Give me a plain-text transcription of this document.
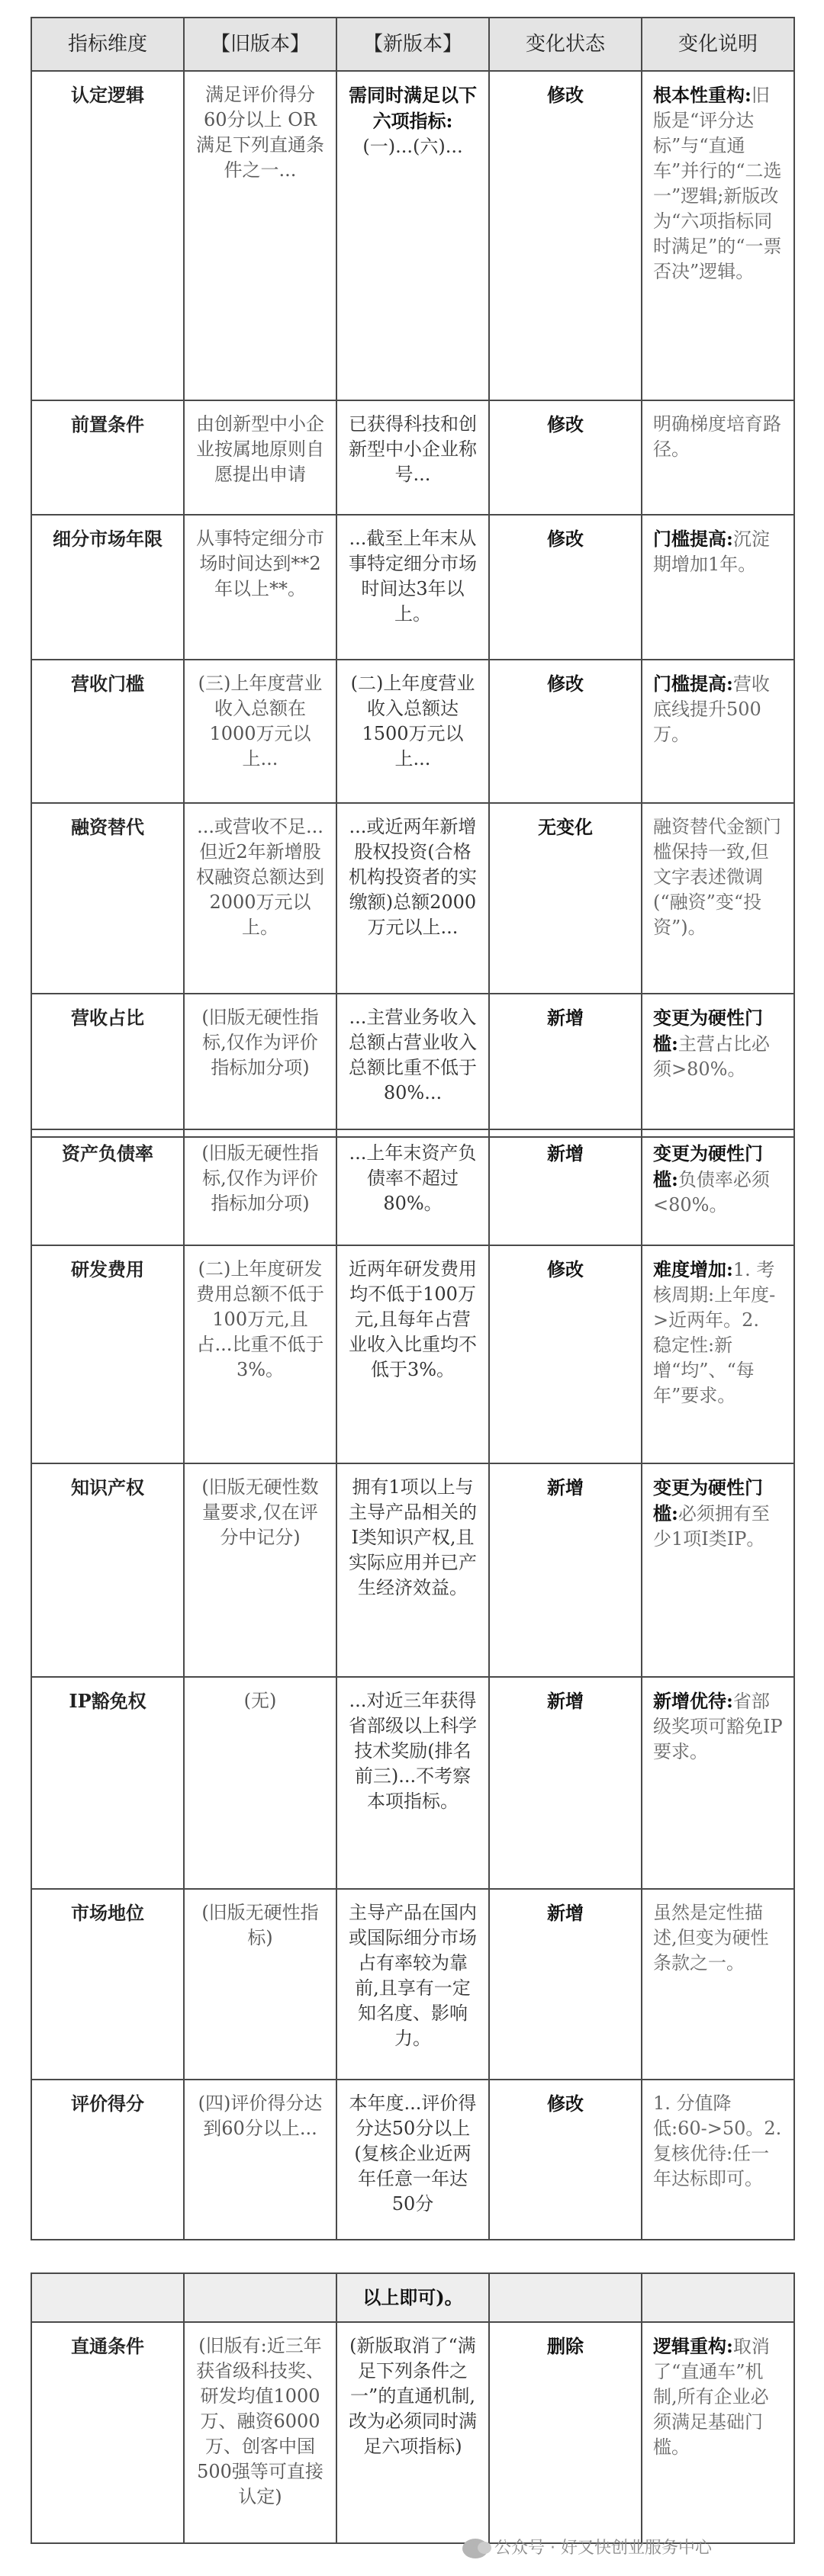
指标维度	【旧版本】	【新版本】	变化状态	变化说明
认定逻辑	满足评价得分60分以上 OR 满足下列直通条件之一...	需同时满足以下六项指标:(一)...(六)...	修改	根本性重构:旧版是“评分达标”与“直通车”并行的“二选一”逻辑;新版改为“六项指标同时满足”的“一票否决”逻辑。
前置条件	由创新型中小企业按属地原则自愿提出申请	已获得科技和创新型中小企业称号...	修改	明确梯度培育路径。
细分市场年限	从事特定细分市场时间达到**2年以上**。	...截至上年末从事特定细分市场时间达3年以上。	修改	门槛提高:沉淀期增加1年。
营收门槛	(三)上年度营业收入总额在1000万元以上...	(二)上年度营业收入总额达1500万元以上...	修改	门槛提高:营收底线提升500万。
融资替代	...或营收不足...但近2年新增股权融资总额达到2000万元以上。	...或近两年新增股权投资(合格机构投资者的实缴额)总额2000万元以上...	无变化	融资替代金额门槛保持一致,但文字表述微调(“融资”变“投资”)。
营收占比	(旧版无硬性指标,仅作为评价指标加分项)	...主营业务收入总额占营业收入总额比重不低于80%...	新增	变更为硬性门槛:主营占比必须>80%。
资产负债率	(旧版无硬性指标,仅作为评价指标加分项)	...上年末资产负债率不超过80%。	新增	变更为硬性门槛:负债率必须<80%。
研发费用	(二)上年度研发费用总额不低于100万元,且占...比重不低于3%。	近两年研发费用均不低于100万元,且每年占营业收入比重均不低于3%。	修改	难度增加:1. 考核周期:上年度->近两年。2. 稳定性:新增“均”、“每年”要求。
知识产权	(旧版无硬性数量要求,仅在评分中记分)	拥有1项以上与主导产品相关的I类知识产权,且实际应用并已产生经济效益。	新增	变更为硬性门槛:必须拥有至少1项I类IP。
IP豁免权	(无)	...对近三年获得省部级以上科学技术奖励(排名前三)...不考察本项指标。	新增	新增优待:省部级奖项可豁免IP要求。
市场地位	(旧版无硬性指标)	主导产品在国内或国际细分市场占有率较为靠前,且享有一定知名度、影响力。	新增	虽然是定性描述,但变为硬性条款之一。
评价得分	(四)评价得分达到60分以上...	本年度...评价得分达50分以上(复核企业近两年任意一年达50分	修改	1. 分值降低:60->50。2. 复核优待:任一年达标即可。
		以上即可)。		
直通条件	(旧版有:近三年获省级科技奖、研发均值1000万、融资6000万、创客中国500强等可直接认定)	(新版取消了“满足下列条件之一”的直通机制,改为必须同时满足六项指标)	删除	逻辑重构:取消了“直通车”机制,所有企业必须满足基础门槛。
公众号 · 好又快创业服务中心
